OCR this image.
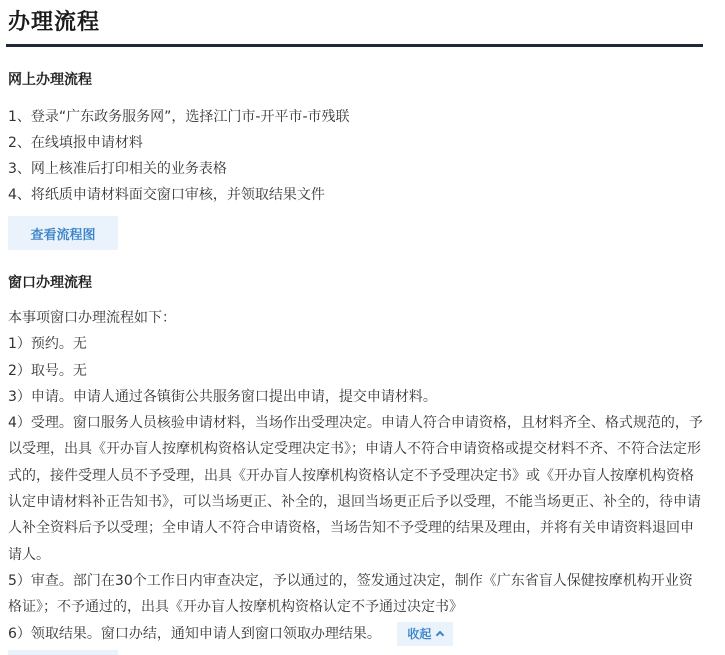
办理流程
网上办理流程
1、登录“广东政务服务网”，选择江门市-开平市-市残联
2、在线填报申请材料
3、网上核准后打印相关的业务表格
4、将纸质申请材料面交窗口审核，并领取结果文件
查看流程图
窗口办理流程

本事项窗口办理流程如下：

1）预约。无

2）取号。无

3）申请。申请人通过各镇街公共服务窗口提出申请，提交申请材料。

4）受理。窗口服务人员核验申请材料，当场作出受理决定。申请人符合申请资格，且材料齐全、格式规范的，予以受理，出具《开办盲人按摩机构资格认定受理决定书》；申请人不符合申请资格或提交材料不齐、不符合法定形式的，接件受理人员不予受理，出具《开办盲人按摩机构资格认定不予受理决定书》或《开办盲人按摩机构资格认定申请材料补正告知书》，可以当场更正、补全的，退回当场更正后予以受理，不能当场更正、补全的，待申请人补全资料后予以受理；全申请人不符合申请资格，当场告知不予受理的结果及理由，并将有关申请资料退回申请人。

5）审查。部门在30个工作日内审查决定，予以通过的，签发通过决定，制作《广东省盲人保健按摩机构开业资格证》；不予通过的，出具《开办盲人按摩机构资格认定不予通过决定书》

6）领取结果。窗口办结，通知申请人到窗口领取办理结果。 收起
